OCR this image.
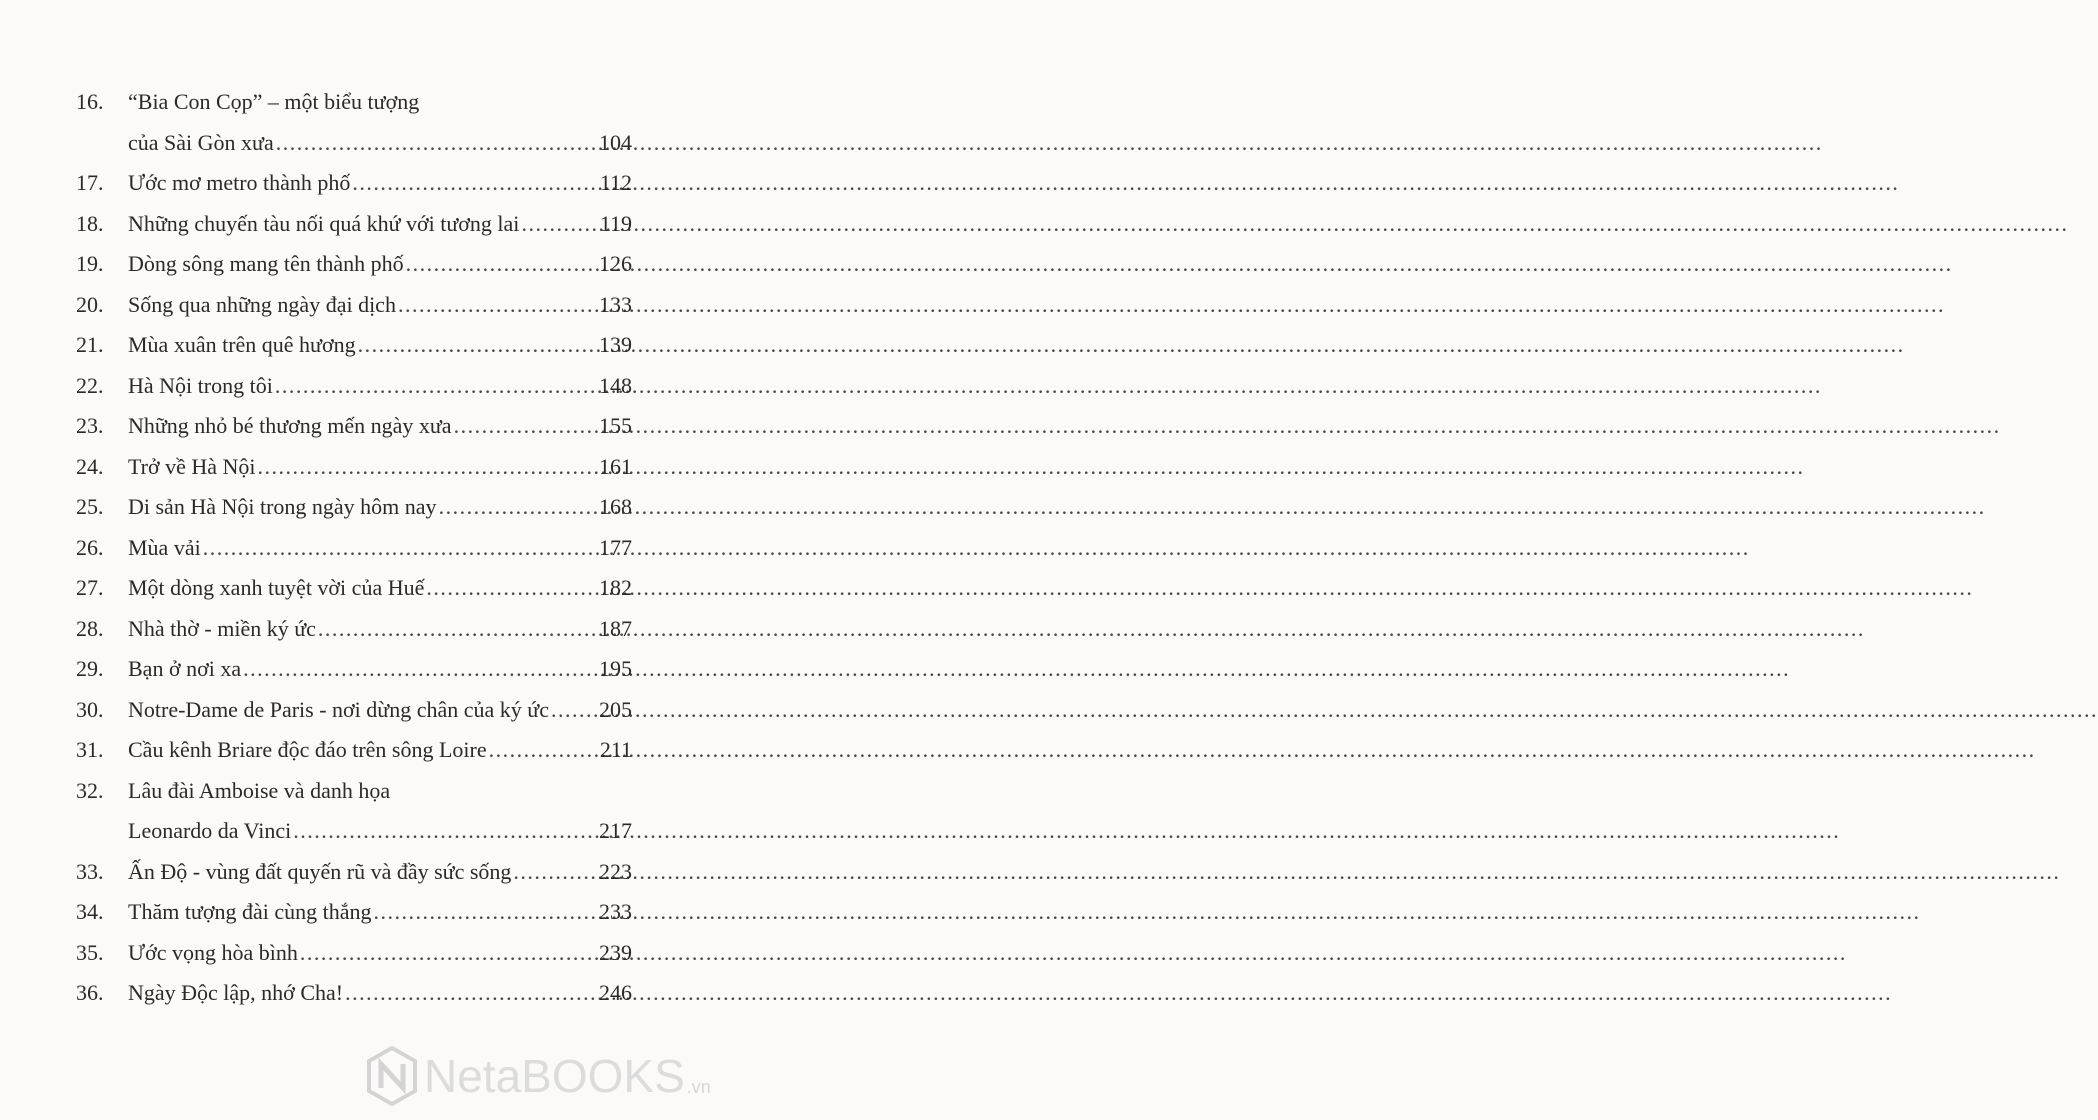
16.	“Bia Con Cọp” – một biểu tượng
của Sài Gòn xưa .....	104
17.	Ước mơ metro thành phố .....	112
18.	Những chuyến tàu nối quá khứ với tương lai .....	119
19.	Dòng sông mang tên thành phố .....	126
20.	Sống qua những ngày đại dịch .....	133
21.	Mùa xuân trên quê hương .....	139
22.	Hà Nội trong tôi .....	148
23.	Những nhỏ bé thương mến ngày xưa .....	155
24.	Trở về Hà Nội .....	161
25.	Di sản Hà Nội trong ngày hôm nay .....	168
26.	Mùa vải .....	177
27.	Một dòng xanh tuyệt vời của Huế .....	182
28.	Nhà thờ - miền ký ức .....	187
29.	Bạn ở nơi xa .....	195
30.	Notre-Dame de Paris - nơi dừng chân của ký ức ..... 205
31.	Cầu kênh Briare độc đáo trên sông Loire .....	211
32.	Lâu đài Amboise và danh họa
Leonardo da Vinci .....	217
33.	Ấn Độ - vùng đất quyến rũ và đầy sức sống .....	223
34.	Thăm tượng đài cùng thắng .....	233
35.	Ước vọng hòa bình .....	239
36.	Ngày Độc lập, nhớ Cha! .....	246
NetaBOOKS .vn
